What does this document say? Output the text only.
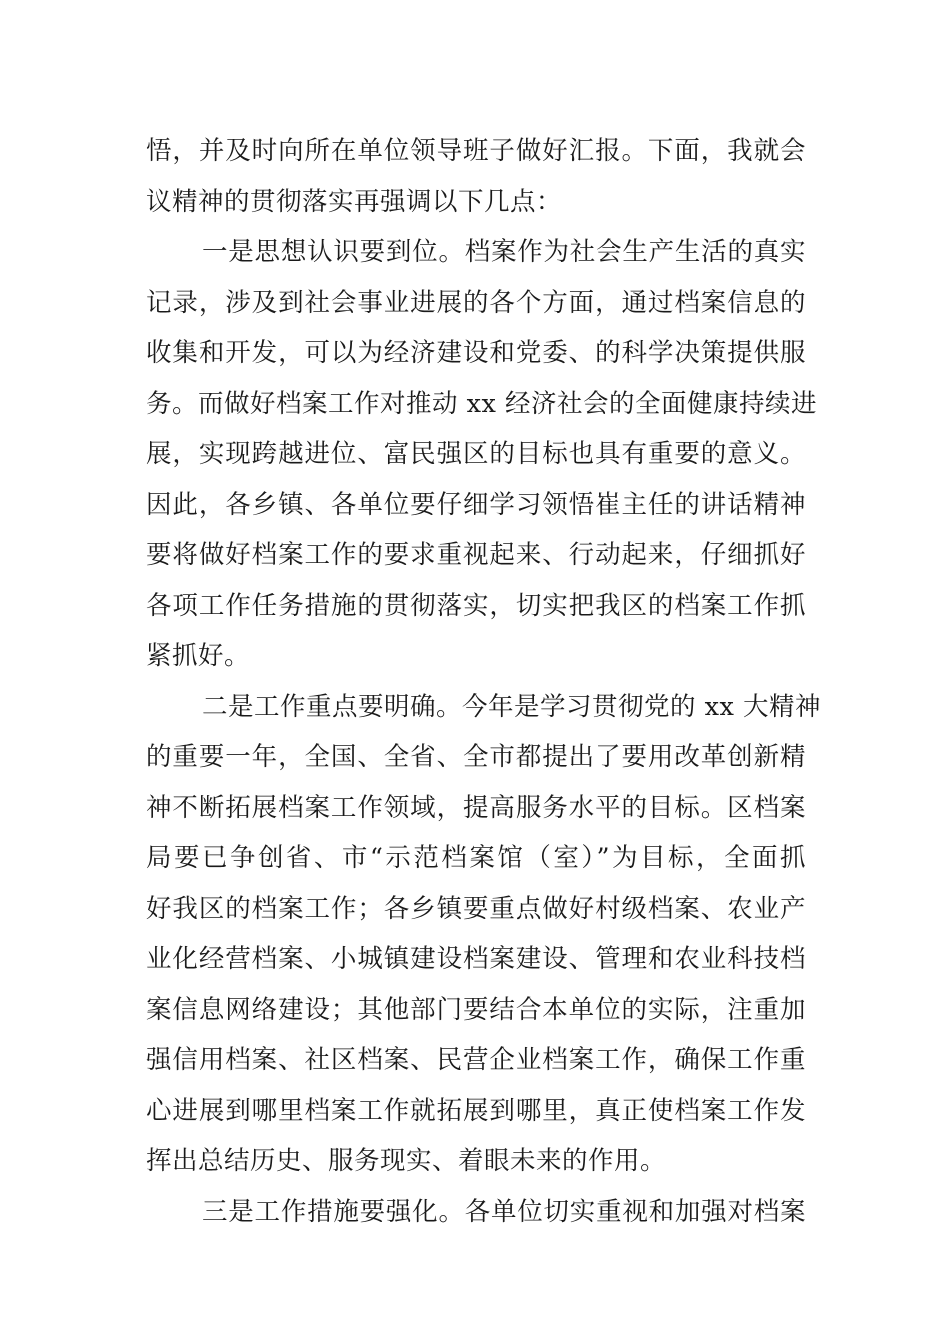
悟，并及时向所在单位领导班子做好汇报。下面，我就会
议精神的贯彻落实再强调以下几点：
一是思想认识要到位。档案作为社会生产生活的真实
记录，涉及到社会事业进展的各个方面，通过档案信息的
收集和开发，可以为经济建设和党委、的科学决策提供服
务。而做好档案工作对推动 xx 经济社会的全面健康持续进
展，实现跨越进位、富民强区的目标也具有重要的意义。
因此，各乡镇、各单位要仔细学习领悟崔主任的讲话精神
要将做好档案工作的要求重视起来、行动起来，仔细抓好
各项工作任务措施的贯彻落实，切实把我区的档案工作抓
紧抓好。
二是工作重点要明确。今年是学习贯彻党的 xx 大精神
的重要一年，全国、全省、全市都提出了要用改革创新精
神不断拓展档案工作领域，提高服务水平的目标。区档案
局要已争创省、市“示范档案馆（室）”为目标，全面抓
好我区的档案工作；各乡镇要重点做好村级档案、农业产
业化经营档案、小城镇建设档案建设、管理和农业科技档
案信息网络建设；其他部门要结合本单位的实际，注重加
强信用档案、社区档案、民营企业档案工作，确保工作重
心进展到哪里档案工作就拓展到哪里，真正使档案工作发
挥出总结历史、服务现实、着眼未来的作用。
三是工作措施要强化。各单位切实重视和加强对档案
